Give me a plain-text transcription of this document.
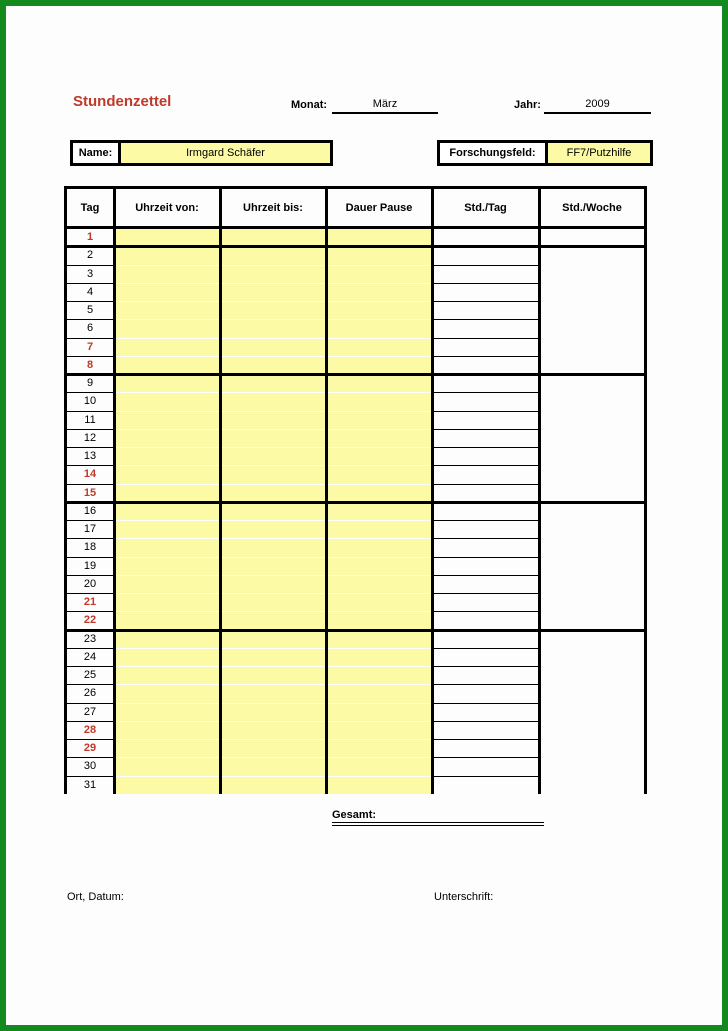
Stundenzettel	Monat:	März	Jahr:	2009
Name:	Irmgard Schäfer	Forschungsfeld:	FF7/Putzhilfe
Tag	Uhrzeit von:	Uhrzeit bis:	Dauer Pause	Std./Tag	Std./Woche
1
2
3
4
5
6
7
8
9
10
11
12
13
14
15
16
17
18
19
20
21
22
23
24
25
26
27
28
29
30
31
Gesamt:
Ort, Datum:	Unterschrift:
